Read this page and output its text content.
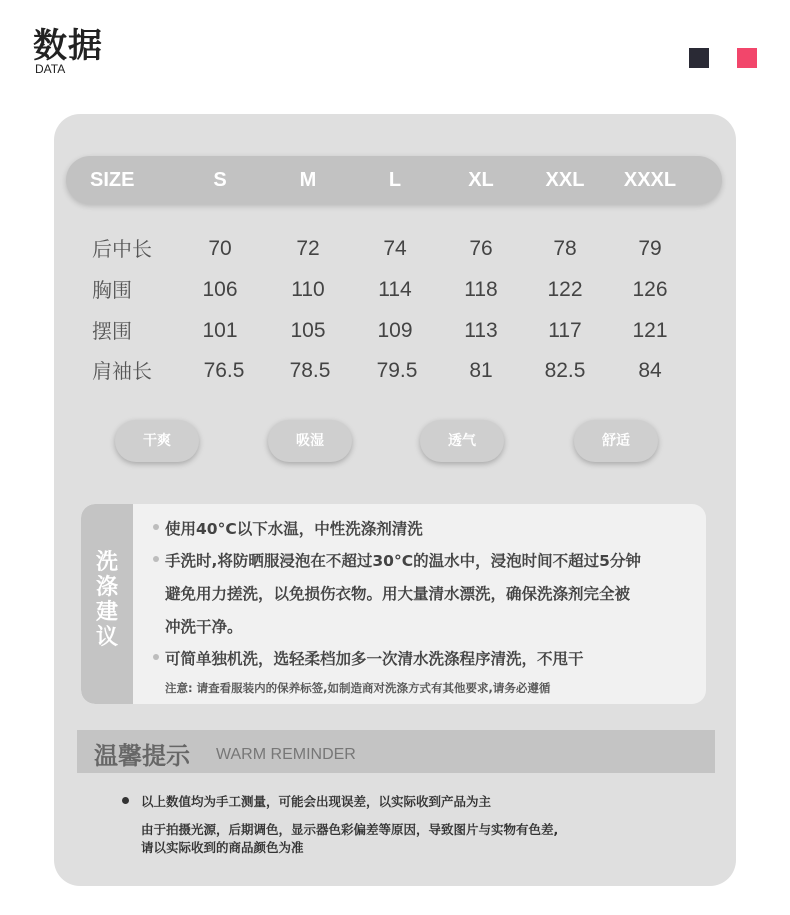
数据
DATA
SIZE	S	M	L	XL	XXL	XXXL
后中长	70	72	74	76	78	79
胸围	106	110	114	118	122	126
摆围	101	105	109	113	117	121
肩袖长	76.5	78.5	79.5	81	82.5	84
干爽	吸湿	透气	舒适
洗
涤
建
议
使用40°C以下水温，中性洗涤剂清洗
手洗时,将防晒服浸泡在不超过30°C的温水中，浸泡时间不超过5分钟
避免用力搓洗，以免损伤衣物。用大量清水漂洗，确保洗涤剂完全被
冲洗干净。
可简单独机洗，选轻柔档加多一次清水洗涤程序清洗，不甩干
注意: 请查看服装内的保养标签,如制造商对洗涤方式有其他要求,请务必遵循
温馨提示 WARM REMINDER
以上数值均为手工测量，可能会出现误差，以实际收到产品为主
由于拍摄光源，后期调色，显示器色彩偏差等原因，导致图片与实物有色差,
请以实际收到的商品颜色为准
